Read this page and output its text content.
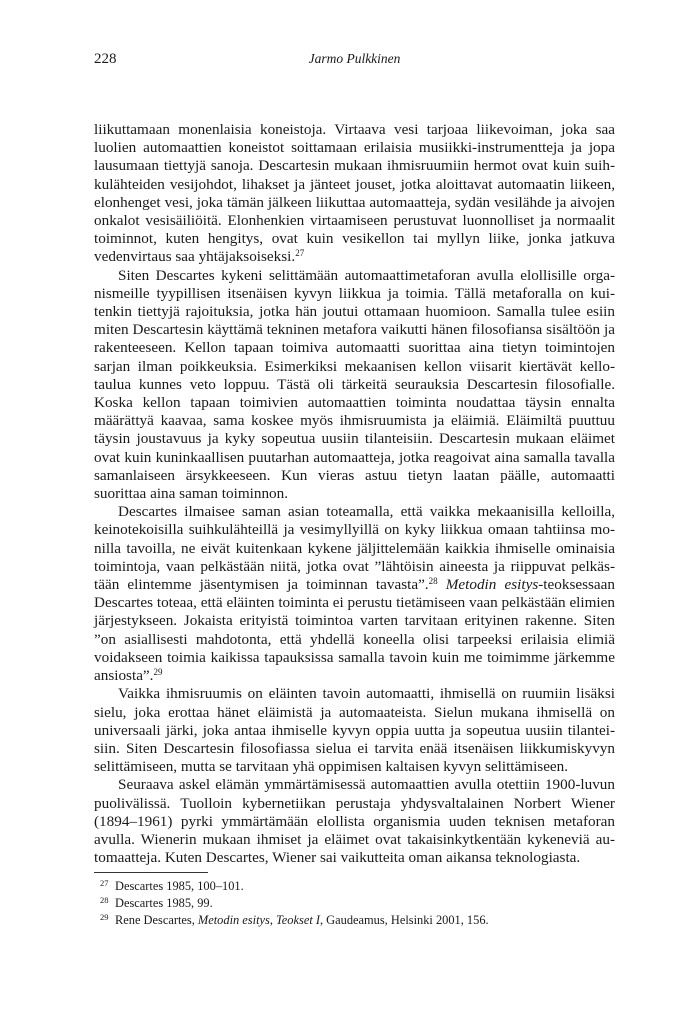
228	Jarmo Pulkkinen

liikuttamaan monenlaisia koneistoja. Virtaava vesi tarjoaa liikevoiman, joka saa luolien automaattien koneistot soittamaan erilaisia musiikki-instrumentteja ja jopa lausumaan tiettyjä sanoja. Descartesin mukaan ihmisruumiin hermot ovat kuin suihkulähteiden vesijohdot, lihakset ja jänteet jouset, jotka aloittavat automaatin liikeen, elonhenget vesi, joka tämän jälkeen liikuttaa automaatteja, sydän vesilähde ja aivojen onkalot vesisäiliöitä. Elonhenkien virtaamiseen perustuvat luonnolliset ja normaalit toiminnot, kuten hengitys, ovat kuin vesikellon tai myllyn liike, jonka jatkuva vedenvirtaus saa yhtäjaksoiseksi.$^{27}$

Siten Descartes kykeni selittämään automaattimetaforan avulla elollisille organismeille tyypillisen itsenäisen kyvyn liikkua ja toimia. Tällä metaforalla on kuitenkin tiettyjä rajoituksia, jotka hän joutui ottamaan huomioon. Samalla tulee esiin miten Descartesin käyttämä tekninen metafora vaikutti hänen filosofiansa sisältöön ja rakenteeseen. Kellon tapaan toimiva automaatti suorittaa aina tietyn toimintojen sarjan ilman poikkeuksia. Esimerkiksi mekaanisen kellon viisarit kiertävät kellotaulua kunnes veto loppuu. Tästä oli tärkeitä seurauksia Descartesin filosofialle. Koska kellon tapaan toimivien automaattien toiminta noudattaa täysin ennalta määrättyä kaavaa, sama koskee myös ihmisruumista ja eläimiä. Eläimiltä puuttuu täysin joustavuus ja kyky sopeutua uusiin tilanteisiin. Descartesin mukaan eläimet ovat kuin kuninkaallisen puutarhan automaatteja, jotka reagoivat aina samalla tavalla samanlaiseen ärsykkeeseen. Kun vieras astuu tietyn laatan päälle, automaatti suorittaa aina saman toiminnon.

Descartes ilmaisee saman asian toteamalla, että vaikka mekaanisilla kelloilla, keinotekoisilla suihkulähteillä ja vesimyllyillä on kyky liikkua omaan tahtiinsa monilla tavoilla, ne eivät kuitenkaan kykene jäljittelemään kaikkia ihmiselle ominaisia toimintoja, vaan pelkästään niitä, jotka ovat ”lähtöisin aineesta ja riippuvat pelkästään elintemme jäsentymisen ja toiminnan tavasta”.$^{28}$ Metodin esitys-teoksessaan Descartes toteaa, että eläinten toiminta ei perustu tietämiseen vaan pelkästään elimien järjestykseen. Jokaista erityistä toimintoa varten tarvitaan erityinen rakenne. Siten ”on asiallisesti mahdotonta, että yhdellä koneella olisi tarpeeksi erilaisia elimiä voidakseen toimia kaikissa tapauksissa samalla tavoin kuin me toimimme järkemme ansiosta”.$^{29}$

Vaikka ihmisruumis on eläinten tavoin automaatti, ihmisellä on ruumiin lisäksi sielu, joka erottaa hänet eläimistä ja automaateista. Sielun mukana ihmisellä on universaali järki, joka antaa ihmiselle kyvyn oppia uutta ja sopeutua uusiin tilanteisiin. Siten Descartesin filosofiassa sielua ei tarvita enää itsenäisen liikkumiskyvyn selittämiseen, mutta se tarvitaan yhä oppimisen kaltaisen kyvyn selittämiseen.

Seuraava askel elämän ymmärtämisessä automaattien avulla otettiin 1900-luvun puolivälissä. Tuolloin kybernetiikan perustaja yhdysvaltalainen Norbert Wiener (1894–1961) pyrki ymmärtämään elollista organismia uuden teknisen metaforan avulla. Wienerin mukaan ihmiset ja eläimet ovat takaisinkytkentään kykeneviä automaatteja. Kuten Descartes, Wiener sai vaikutteita oman aikansa teknologiasta.

27 Descartes 1985, 100–101.
28 Descartes 1985, 99.
29 Rene Descartes, Metodin esitys, Teokset I, Gaudeamus, Helsinki 2001, 156.
